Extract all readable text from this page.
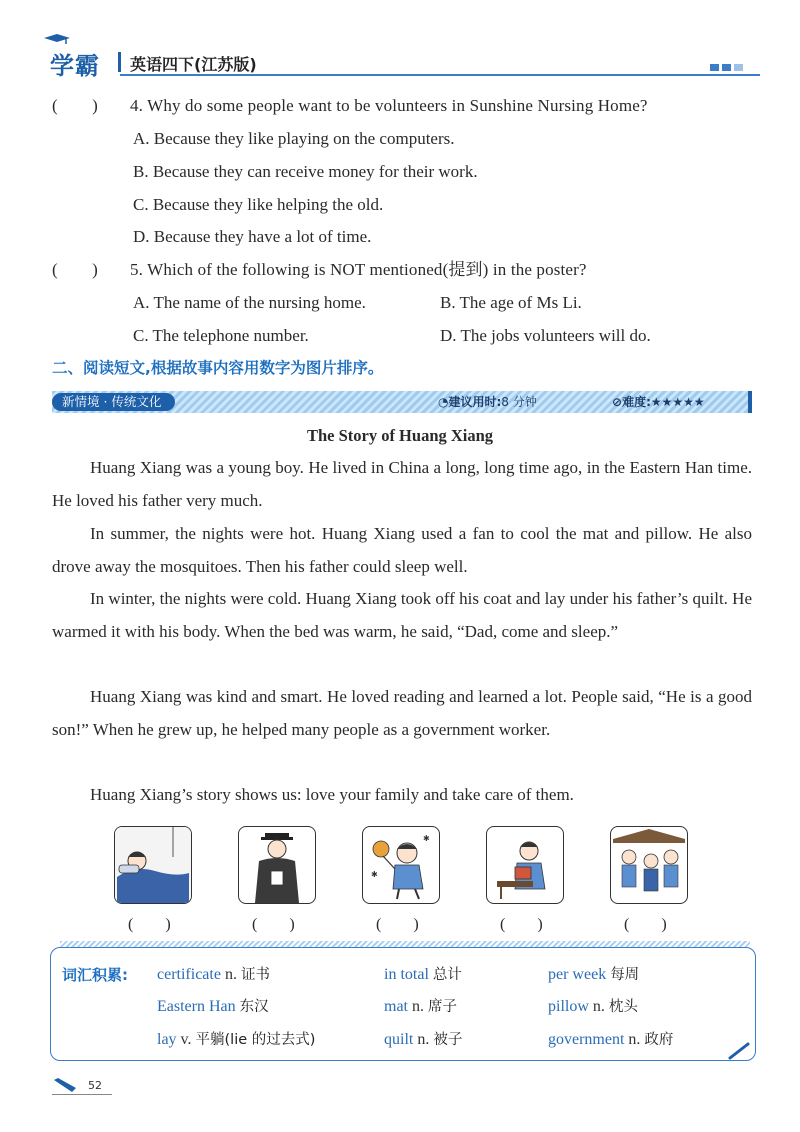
学霸 英语四下(江苏版)
(　　) 4. Why do some people want to be volunteers in Sunshine Nursing Home?
A. Because they like playing on the computers.
B. Because they can receive money for their work.
C. Because they like helping the old.
D. Because they have a lot of time.
(　　) 5. Which of the following is NOT mentioned(提到) in the poster?
A. The name of the nursing home.	B. The age of Ms Li.
C. The telephone number.	D. The jobs volunteers will do.
二、阅读短文,根据故事内容用数字为图片排序。
新情境 · 传统文化	◔建议用时:8 分钟	⊘难度:★★★★★
The Story of Huang Xiang

Huang Xiang was a young boy. He lived in China a long, long time ago, in the Eastern Han time. He loved his father very much.

In summer, the nights were hot. Huang Xiang used a fan to cool the mat and pillow. He also drove away the mosquitoes. Then his father could sleep well.

In winter, the nights were cold. Huang Xiang took off his coat and lay under his father’s quilt. He warmed it with his body. When the bed was warm, he said, “Dad, come and sleep.”

Huang Xiang was kind and smart. He loved reading and learned a lot. People said, “He is a good son!” When he grew up, he helped many people as a government worker.

Huang Xiang’s story shows us: love your family and take care of them.

✱
✱
(　　)	(　　)	(　　)	(　　)	(　　)
词汇积累: certificate n. 证书	in total 总计	per week 每周
Eastern Han 东汉	mat n. 席子	pillow n. 枕头
lay v. 平躺(lie 的过去式)	quilt n. 被子	government n. 政府
52
